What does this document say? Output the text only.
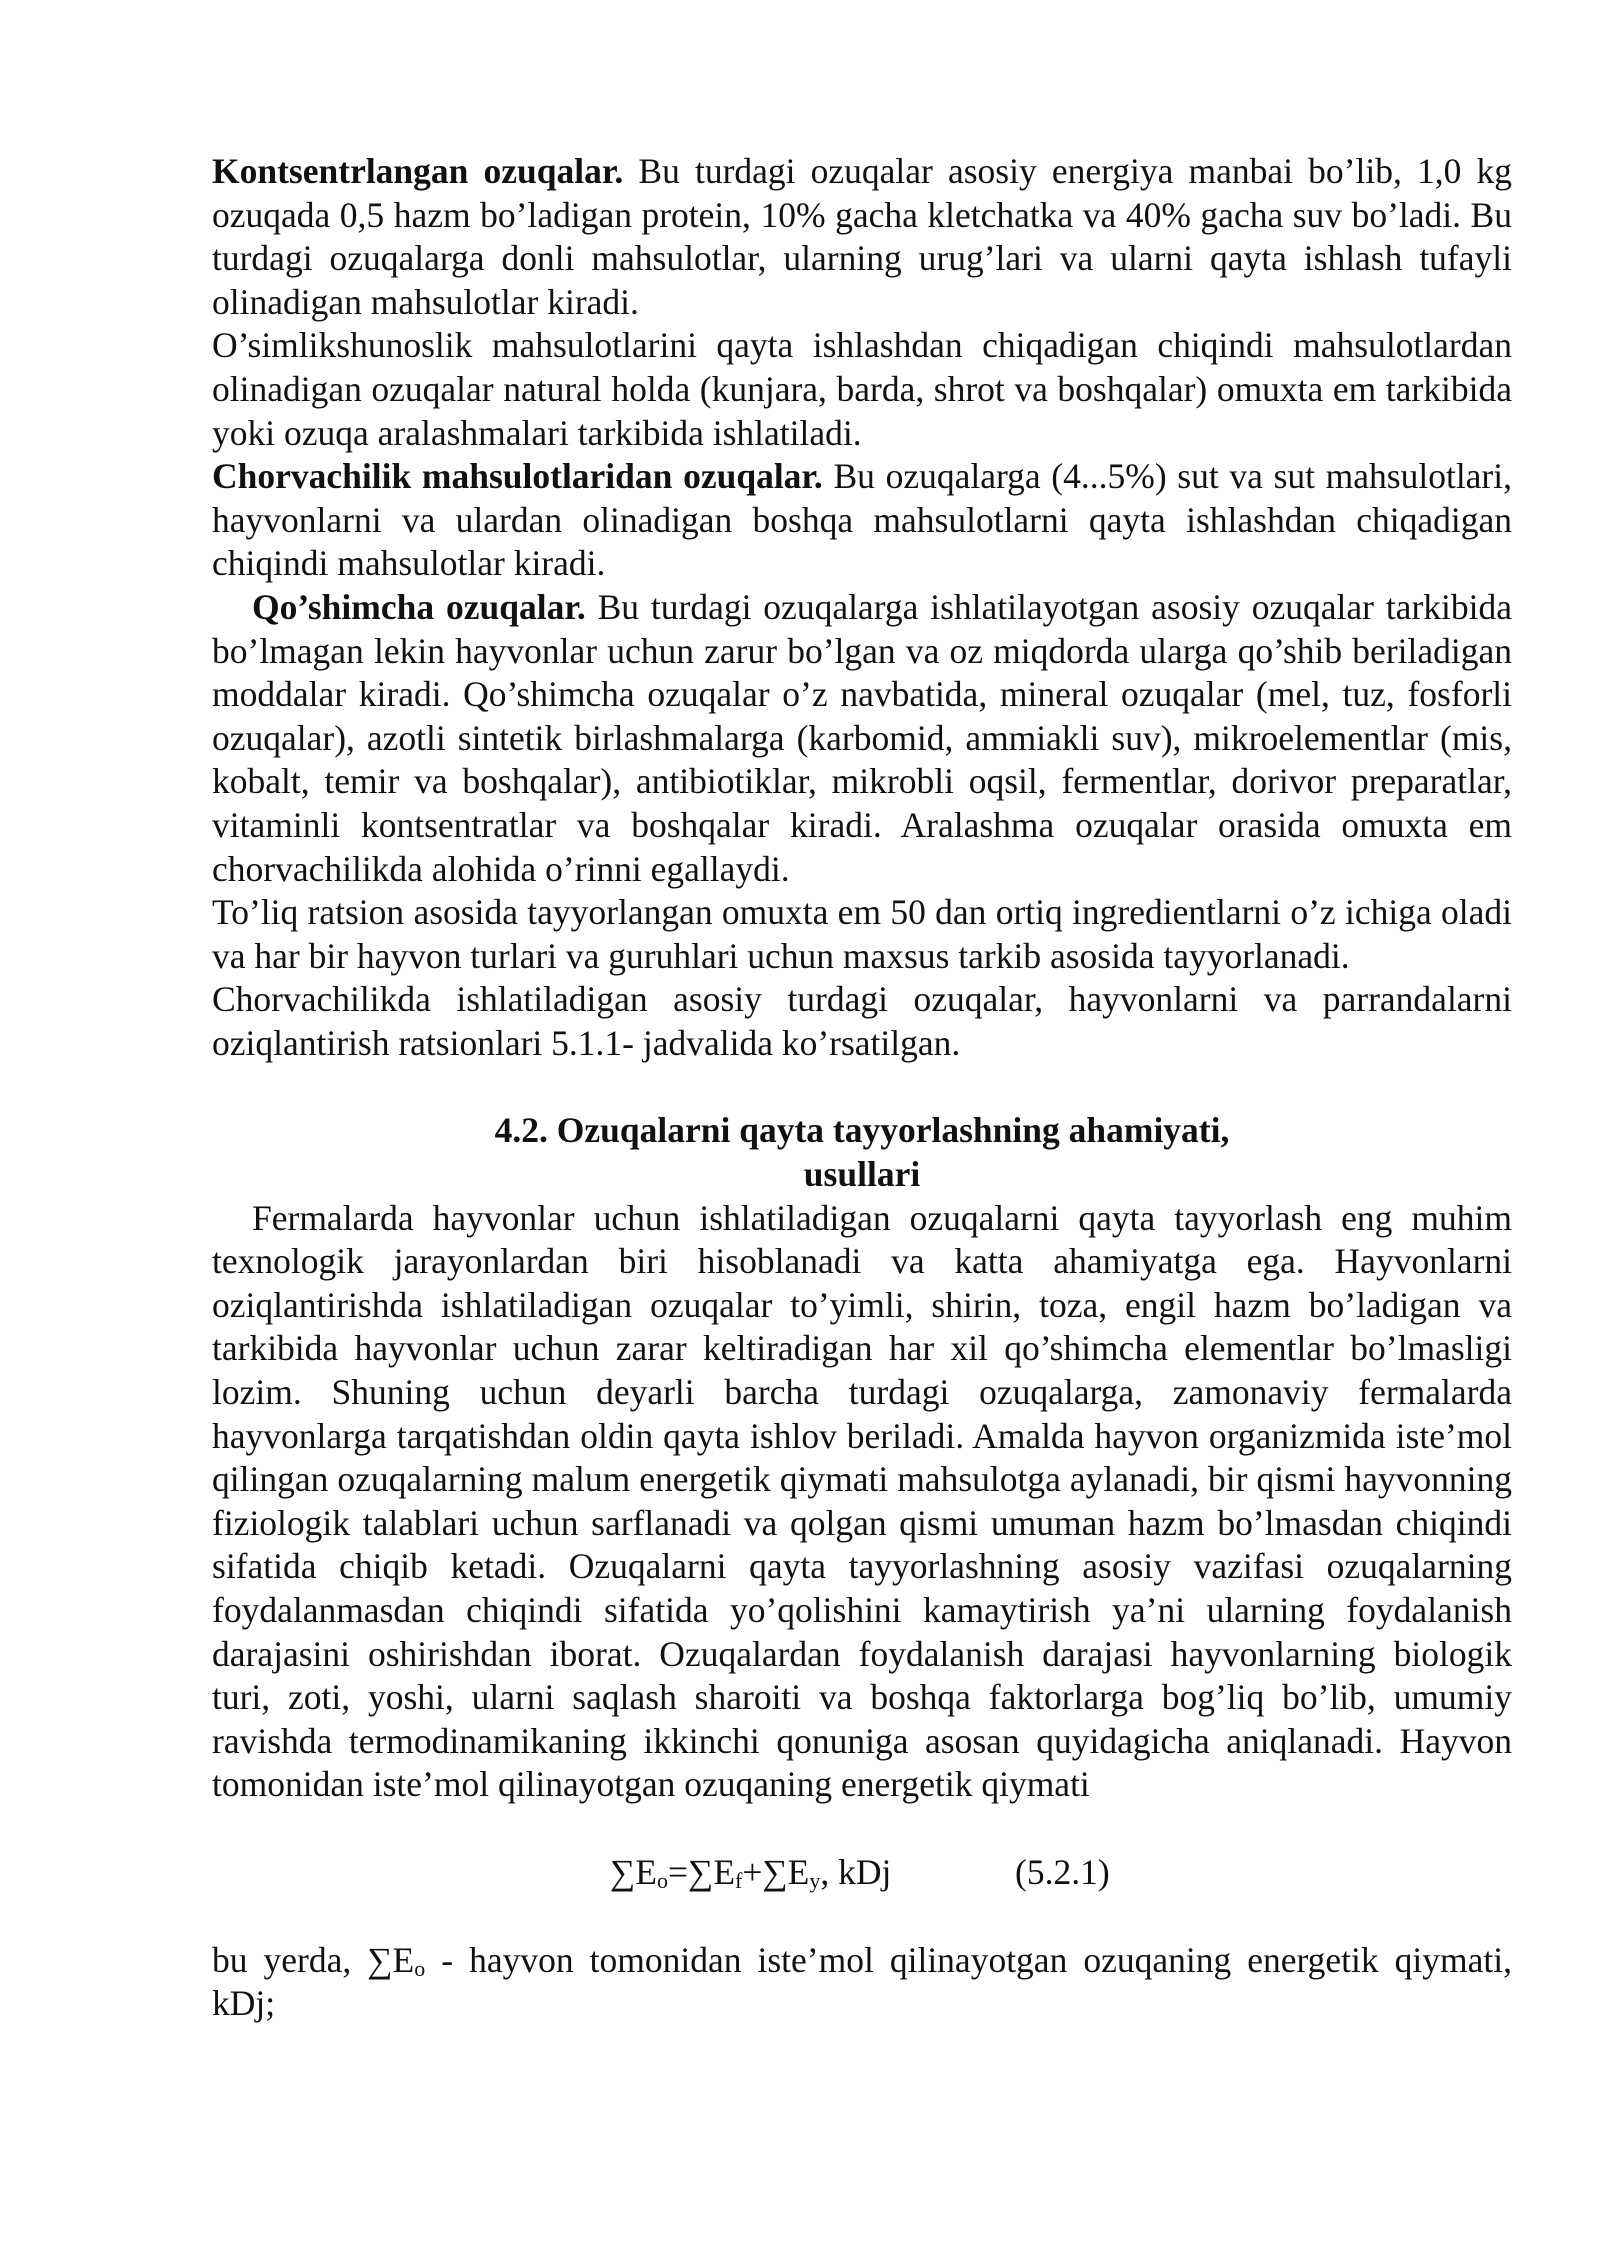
Kontsentrlangan ozuqalar. Bu turdagi ozuqalar asosiy energiya manbai bo’lib, 1,0 kg ozuqada 0,5 hazm bo’ladigan protein, 10% gacha kletchatka va 40% gacha suv bo’ladi. Bu turdagi ozuqalarga donli mahsulotlar, ularning urug’lari va ularni qayta ishlash tufayli olinadigan mahsulotlar kiradi.

O’simlikshunoslik mahsulotlarini qayta ishlashdan chiqadigan chiqindi mahsulotlardan olinadigan ozuqalar natural holda (kunjara, barda, shrot va boshqalar) omuxta em tarkibida yoki ozuqa aralashmalari tarkibida ishlatiladi.

Chorvachilik mahsulotlaridan ozuqalar. Bu ozuqalarga (4...5%) sut va sut mahsulotlari, hayvonlarni va ulardan olinadigan boshqa mahsulotlarni qayta ishlashdan chiqadigan chiqindi mahsulotlar kiradi.

Qo’shimcha ozuqalar. Bu turdagi ozuqalarga ishlatilayotgan asosiy ozuqalar tarkibida bo’lmagan lekin hayvonlar uchun zarur bo’lgan va oz miqdorda ularga qo’shib beriladigan moddalar kiradi. Qo’shimcha ozuqalar o’z navbatida, mineral ozuqalar (mel, tuz, fosforli ozuqalar), azotli sintetik birlashmalarga (karbomid, ammiakli suv), mikroelementlar (mis, kobalt, temir va boshqalar), antibiotiklar, mikrobli oqsil, fermentlar, dorivor preparatlar, vitaminli kontsentratlar va boshqalar kiradi. Aralashma ozuqalar orasida omuxta em chorvachilikda alohida o’rinni egallaydi.

To’liq ratsion asosida tayyorlangan omuxta em 50 dan ortiq ingredientlarni o’z ichiga oladi va har bir hayvon turlari va guruhlari uchun maxsus tarkib asosida tayyorlanadi.

Chorvachilikda ishlatiladigan asosiy turdagi ozuqalar, hayvonlarni va parrandalarni oziqlantirish ratsionlari 5.1.1- jadvalida ko’rsatilgan.

4.2. Ozuqalarni qayta tayyorlashning ahamiyati,
usullari

Fermalarda hayvonlar uchun ishlatiladigan ozuqalarni qayta tayyorlash eng muhim texnologik jarayonlardan biri hisoblanadi va katta ahamiyatga ega. Hayvonlarni oziqlantirishda ishlatiladigan ozuqalar to’yimli, shirin, toza, engil hazm bo’ladigan va tarkibida hayvonlar uchun zarar keltiradigan har xil qo’shimcha elementlar bo’lmasligi lozim. Shuning uchun deyarli barcha turdagi ozuqalarga, zamonaviy fermalarda hayvonlarga tarqatishdan oldin qayta ishlov beriladi. Amalda hayvon organizmida iste’mol qilingan ozuqalarning malum energetik qiymati mahsulotga aylanadi, bir qismi hayvonning fiziologik talablari uchun sarflanadi va qolgan qismi umuman hazm bo’lmasdan chiqindi sifatida chiqib ketadi. Ozuqalarni qayta tayyorlashning asosiy vazifasi ozuqalarning foydalanmasdan chiqindi sifatida yo’qolishini kamaytirish ya’ni ularning foydalanish darajasini oshirishdan iborat. Ozuqalardan foydalanish darajasi hayvonlarning biologik turi, zoti, yoshi, ularni saqlash sharoiti va boshqa faktorlarga bog’liq bo’lib, umumiy ravishda termodinamikaning ikkinchi qonuniga asosan quyidagicha aniqlanadi. Hayvon tomonidan iste’mol qilinayotgan ozuqaning energetik qiymati

$\sum E_o=\sum E_f+\sum E_y$, kDj	(5.2.1)

bu yerda, $\sum E_o$ - hayvon tomonidan iste’mol qilinayotgan ozuqaning energetik qiymati, kDj;
